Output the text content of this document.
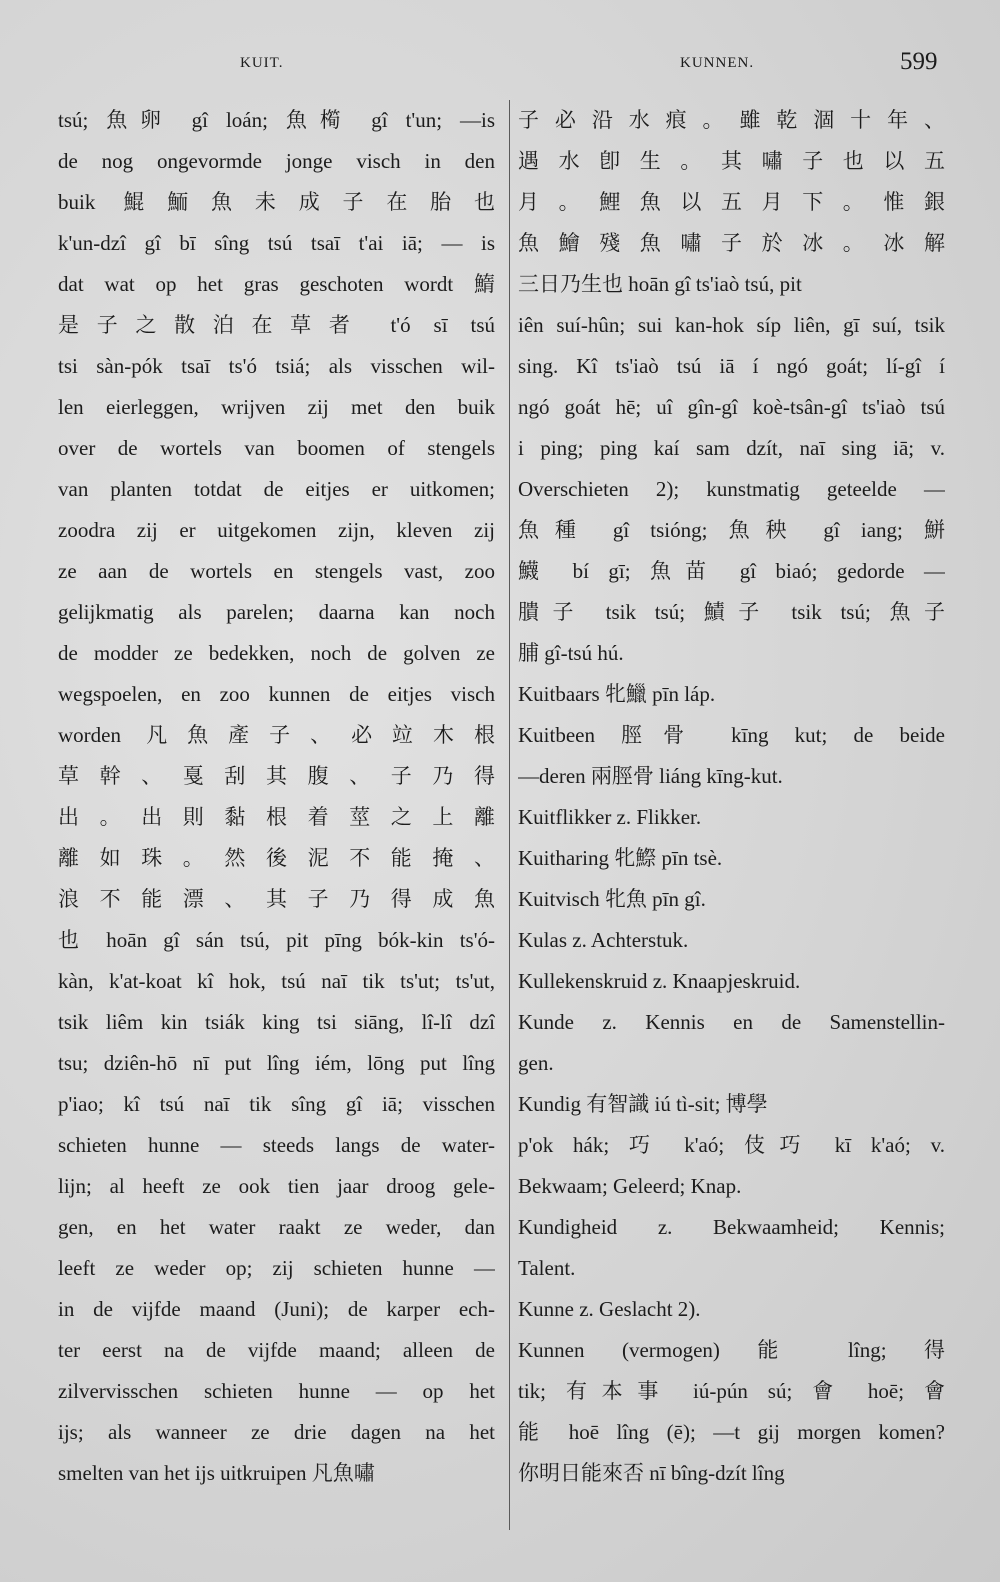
KUIT.	KUNNEN.	599
tsú; 魚卵 gî loán; 魚橁 gî t'un; —is
de nog ongevormde jonge visch in den
buik 鯤鮞魚未成子在胎也
k'un-dzî gî bī sîng tsú tsaī t'ai iā; — is
dat wat op het gras geschoten wordt 鰖
是子之散泊在草者 t'ó sī tsú
tsi sàn-pók tsaī ts'ó tsiá; als visschen wil-
len eierleggen, wrijven zij met den buik
over de wortels van boomen of stengels
van planten totdat de eitjes er uitkomen;
zoodra zij er uitgekomen zijn, kleven zij
ze aan de wortels en stengels vast, zoo
gelijkmatig als parelen; daarna kan noch
de modder ze bedekken, noch de golven ze
wegspoelen, en zoo kunnen de eitjes visch
worden 凡魚產子、必竝木根
草幹、戛刮其腹、子乃得
出。出則黏根着莖之上離
離如珠。然後泥不能掩、
浪不能漂、其子乃得成魚
也 hoān gî sán tsú, pit pīng bók-kin ts'ó-
kàn, k'at-koat kî hok, tsú naī tik ts'ut; ts'ut,
tsik liêm kin tsiák king tsi siāng, lî-lî dzî
tsu; dziên-hō nī put lîng iém, lōng put lîng
p'iao; kî tsú naī tik sîng gî iā; visschen
schieten hunne — steeds langs de water-
lijn; al heeft ze ook tien jaar droog gele-
gen, en het water raakt ze weder, dan
leeft ze weder op; zij schieten hunne —
in de vijfde maand (Juni); de karper ech-
ter eerst na de vijfde maand; alleen de
zilvervisschen schieten hunne — op het
ijs; als wanneer ze drie dagen na het
smelten van het ijs uitkruipen 凡魚嘯
子必沿水痕。雖乾涸十年、
遇水卽生。其嘯子也以五
月。鯉魚以五月下。惟銀
魚鱠殘魚嘯子於冰。冰解
三日乃生也 hoān gî ts'iaò tsú, pit
iên suí-hûn; sui kan-hok síp liên, gī suí, tsik
sing. Kî ts'iaò tsú iā í ngó goát; lí-gî í
ngó goát hē; uî gîn-gî koè-tsân-gî ts'iaò tsú
i ping; ping kaí sam dzít, naī sing iā; v.
Overschieten 2); kunstmatig geteelde —
魚種 gî tsióng; 魚秧 gî iang; 鮩
鱴 bí gī; 魚苗 gî biaó; gedorde —
膭子 tsik tsú; 鰿子 tsik tsú; 魚子
脯 gî-tsú hú.
Kuitbaars 牝鱲 pīn láp.
Kuitbeen 脛骨 kīng kut; de beide
—deren 兩脛骨 liáng kīng-kut.
Kuitflikker z. Flikker.
Kuitharing 牝鰶 pīn tsè.
Kuitvisch 牝魚 pīn gî.
Kulas z. Achterstuk.
Kullekenskruid z. Knaapjeskruid.
Kunde z. Kennis en de Samenstellin-
gen.
Kundig 有智識 iú tì-sit; 博學
p'ok hák; 巧 k'aó; 伎巧 kī k'aó; v.
Bekwaam; Geleerd; Knap.
Kundigheid z. Bekwaamheid; Kennis;
Talent.
Kunne z. Geslacht 2).
Kunnen (vermogen) 能 lîng; 得
tik; 有本事 iú-pún sú; 會 hoē; 會
能 hoē lîng (ē); —t gij morgen komen?
你明日能來否 nī bîng-dzít lîng
